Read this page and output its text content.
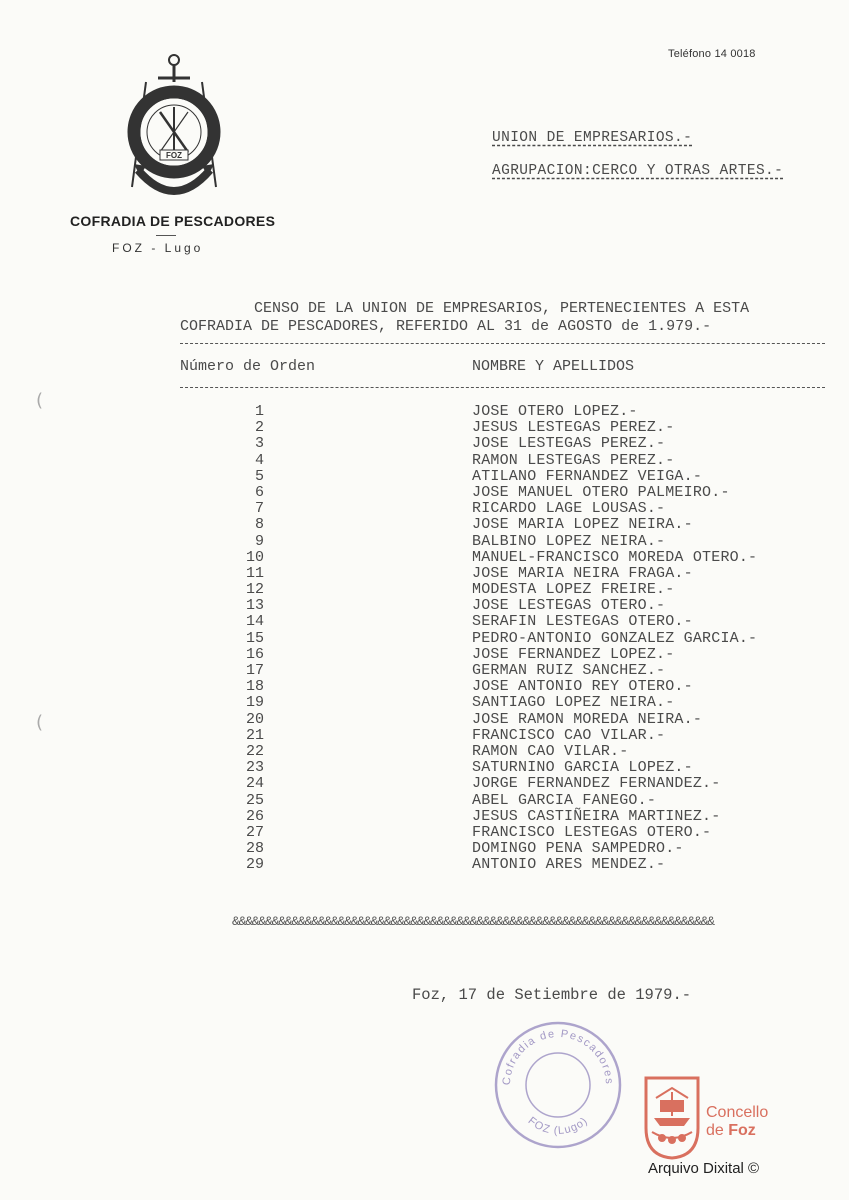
Teléfono 14 0018
FOZ
COFRADIA DE PESCADORES
FOZ - Lugo
UNION DE EMPRESARIOS.-
AGRUPACION:CERCO Y OTRAS ARTES.-
CENSO DE LA UNION DE EMPRESARIOS, PERTENECIENTES A ESTA
COFRADIA DE PESCADORES, REFERIDO AL 31 de AGOSTO de 1.979.-
Número de Orden	NOMBRE Y APELLIDOS
1	JOSE OTERO LOPEZ.-
2	JESUS LESTEGAS PEREZ.-
3	JOSE LESTEGAS PEREZ.-
4	RAMON LESTEGAS PEREZ.-
5	ATILANO FERNANDEZ VEIGA.-
6	JOSE MANUEL OTERO PALMEIRO.-
7	RICARDO LAGE LOUSAS.-
8	JOSE MARIA LOPEZ NEIRA.-
9	BALBINO LOPEZ NEIRA.-
10	MANUEL-FRANCISCO MOREDA OTERO.-
11	JOSE MARIA NEIRA FRAGA.-
12	MODESTA LOPEZ FREIRE.-
13	JOSE LESTEGAS OTERO.-
14	SERAFIN LESTEGAS OTERO.-
15	PEDRO-ANTONIO GONZALEZ GARCIA.-
16	JOSE FERNANDEZ LOPEZ.-
17	GERMAN RUIZ SANCHEZ.-
18	JOSE ANTONIO REY OTERO.-
19	SANTIAGO LOPEZ NEIRA.-
20	JOSE RAMON MOREDA NEIRA.-
21	FRANCISCO CAO VILAR.-
22	RAMON CAO VILAR.-
23	SATURNINO GARCIA LOPEZ.-
24	JORGE FERNANDEZ FERNANDEZ.-
25	ABEL GARCIA FANEGO.-
26	JESUS CASTIÑEIRA MARTINEZ.-
27	FRANCISCO LESTEGAS OTERO.-
28	DOMINGO PENA SAMPEDRO.-
29	ANTONIO ARES MENDEZ.-
&&&&&&&&&&&&&&&&&&&&&&&&&&&&&&&&&&&&&&&&&&&&&&&&&&&&&&&&&&&&&&&&&&&&&&&&&
Foz, 17 de Setiembre de 1979.-
Cofradia de Pescadores
FOZ (Lugo)	Concello
de Foz
Arquivo Dixital ©
(
(
